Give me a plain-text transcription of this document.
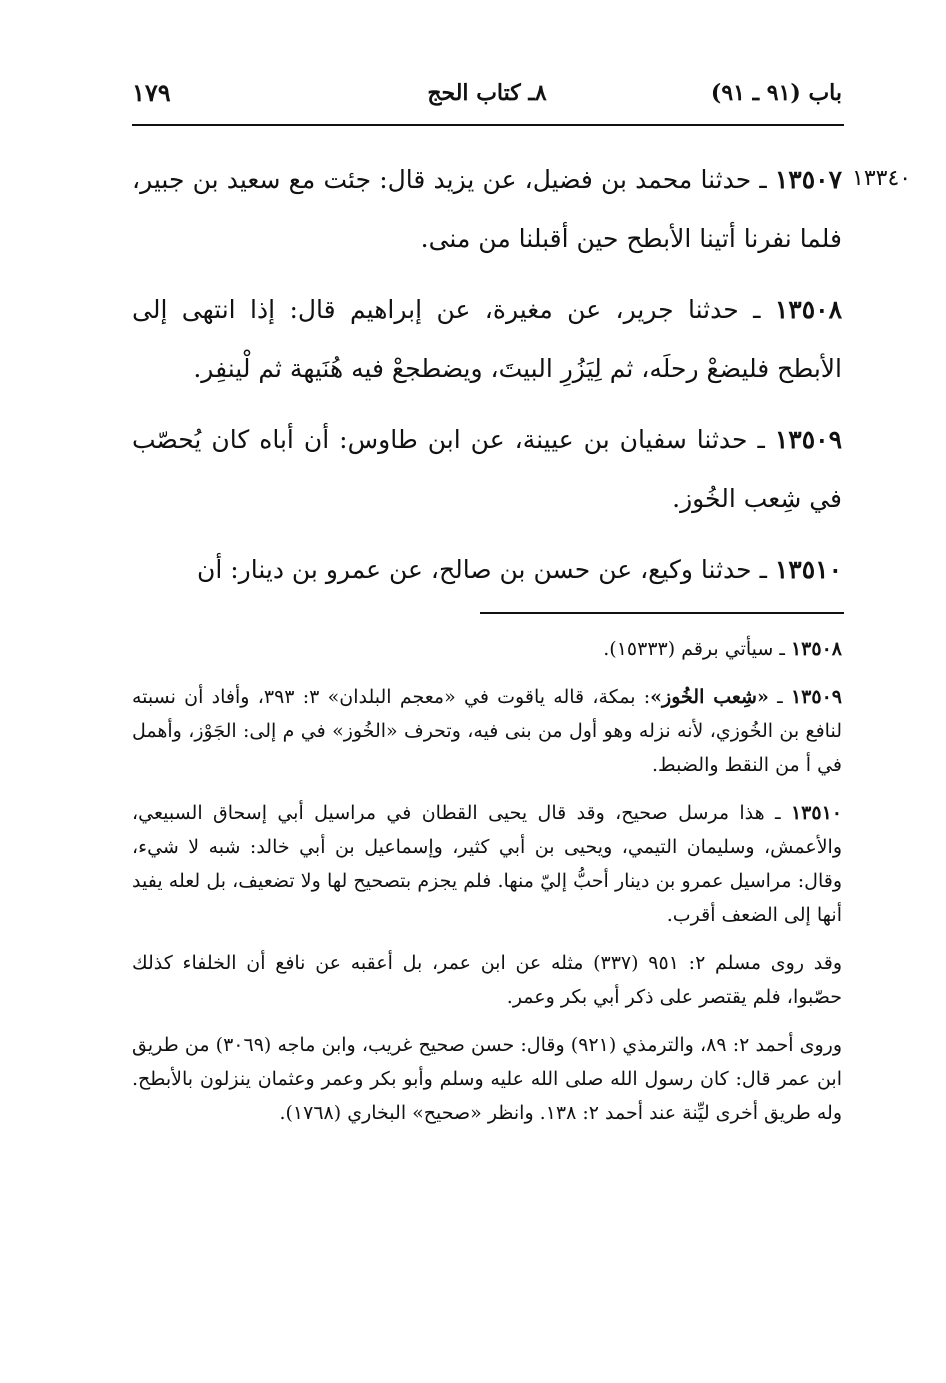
باب (٩١ ـ ٩١)
٨ـ كتاب الحج
١٧٩
١٣٣٤٠

١٣٥٠٧ ـ حدثنا محمد بن فضيل، عن يزيد قال: جئت مع سعيد بن جبير، فلما نفرنا أتينا الأبطح حين أقبلنا من منى.

١٣٥٠٨ ـ حدثنا جرير، عن مغيرة، عن إبراهيم قال: إذا انتهى إلى الأبطح فليضعْ رحلَه، ثم لِيَزُرِ البيتَ، ويضطجعْ فيه هُنَيهة ثم لْينفِر.

١٣٥٠٩ ـ حدثنا سفيان بن عيينة، عن ابن طاوس: أن أباه كان يُحصّب في شِعب الخُوز.

١٣٥١٠ ـ حدثنا وكيع، عن حسن بن صالح، عن عمرو بن دينار: أن

١٣٥٠٨ ـ سيأتي برقم (١٥٣٣٣).

١٣٥٠٩ ـ «شِعب الخُوز»: بمكة، قاله ياقوت في «معجم البلدان» ٣: ٣٩٣، وأفاد أن نسبته لنافع بن الخُوزي، لأنه نزله وهو أول من بنى فيه، وتحرف «الخُوز» في م إلى: الجَوْز، وأهمل في أ من النقط والضبط.

١٣٥١٠ ـ هذا مرسل صحيح، وقد قال يحيى القطان في مراسيل أبي إسحاق السبيعي، والأعمش، وسليمان التيمي، ويحيى بن أبي كثير، وإسماعيل بن أبي خالد: شبه لا شيء، وقال: مراسيل عمرو بن دينار أحبُّ إليّ منها. فلم يجزم بتصحيح لها ولا تضعيف، بل لعله يفيد أنها إلى الضعف أقرب.

وقد روى مسلم ٢: ٩٥١ (٣٣٧) مثله عن ابن عمر، بل أعقبه عن نافع أن الخلفاء كذلك حصّبوا، فلم يقتصر على ذكر أبي بكر وعمر.

وروى أحمد ٢: ٨٩، والترمذي (٩٢١) وقال: حسن صحيح غريب، وابن ماجه (٣٠٦٩) من طريق ابن عمر قال: كان رسول الله صلى الله عليه وسلم وأبو بكر وعمر وعثمان ينزلون بالأبطح. وله طريق أخرى ليِّنة عند أحمد ٢: ١٣٨. وانظر «صحيح» البخاري (١٧٦٨).
